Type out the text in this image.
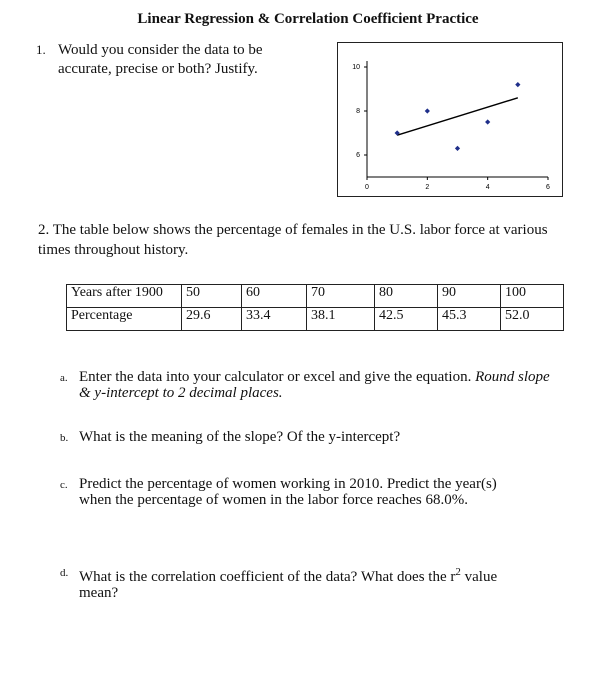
Linear Regression & Correlation Coefficient Practice
1. Would you consider the data to be
accurate, precise or both? Justify.
6
8
10
0	2	4	6
2. The table below shows the percentage of females in the U.S. labor force at various times throughout history.
Years after 1900	50	60	70	80	90	100
Percentage	29.6	33.4	38.1	42.5	45.3	52.0
a. Enter the data into your calculator or excel and give the equation. Round slope & y-intercept to 2 decimal places.
b. What is the meaning of the slope? Of the y-intercept?
c. Predict the percentage of women working in 2010. Predict the year(s) when the percentage of women in the labor force reaches 68.0%.
d. What is the correlation coefficient of the data? What does the $r^2$ value mean?
